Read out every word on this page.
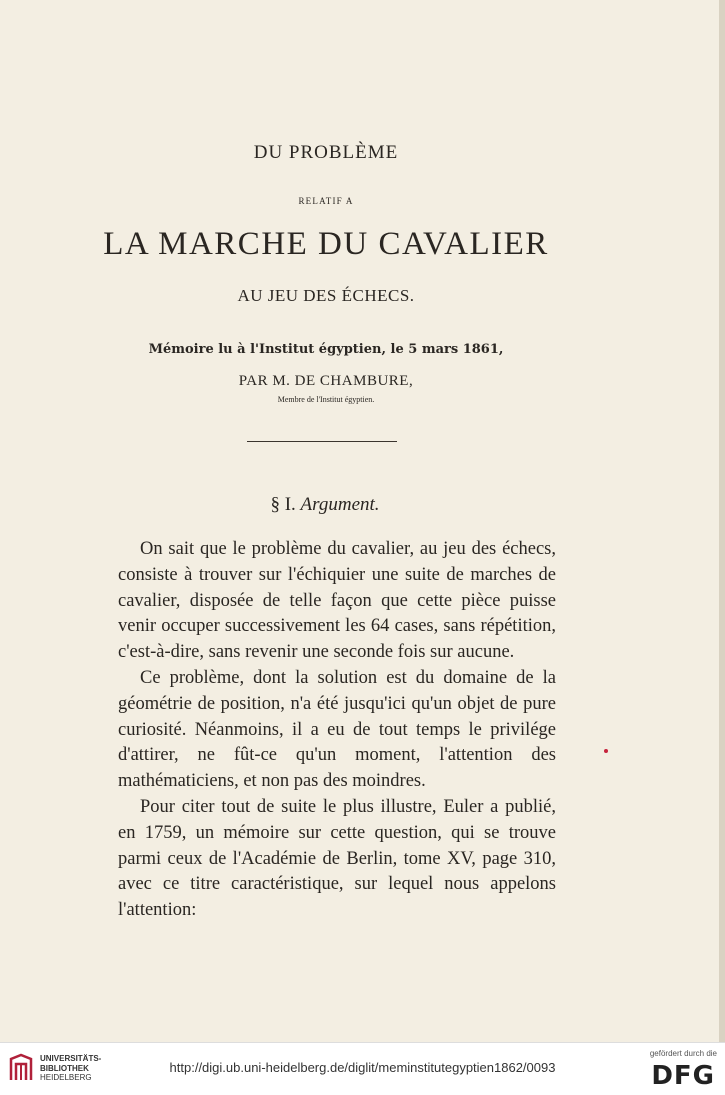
DU PROBLÈME
RELATIF A
LA MARCHE DU CAVALIER
AU JEU DES ÉCHECS.
Mémoire lu à l'Institut égyptien, le 5 mars 1861,
PAR M. DE CHAMBURE,
Membre de l'Institut égyptien.
§ I. Argument.

On sait que le problème du cavalier, au jeu des échecs, consiste à trouver sur l'échiquier une suite de marches de cavalier, disposée de telle façon que cette pièce puisse venir occuper successivement les 64 cases, sans répétition, c'est-à-dire, sans revenir une seconde fois sur aucune.

Ce problème, dont la solution est du domaine de la géométrie de position, n'a été jusqu'ici qu'un objet de pure curiosité. Néanmoins, il a eu de tout temps le privilége d'attirer, ne fût-ce qu'un moment, l'attention des mathématiciens, et non pas des moindres.

Pour citer tout de suite le plus illustre, Euler a publié, en 1759, un mémoire sur cette question, qui se trouve parmi ceux de l'Académie de Berlin, tome XV, page 310, avec ce titre caractéristique, sur lequel nous appelons l'attention:

UNIVERSITÄTS-
BIBLIOTHEK
HEIDELBERG
http://digi.ub.uni-heidelberg.de/diglit/meminstitutegyptien1862/0093
gefördert durch die
DFG
